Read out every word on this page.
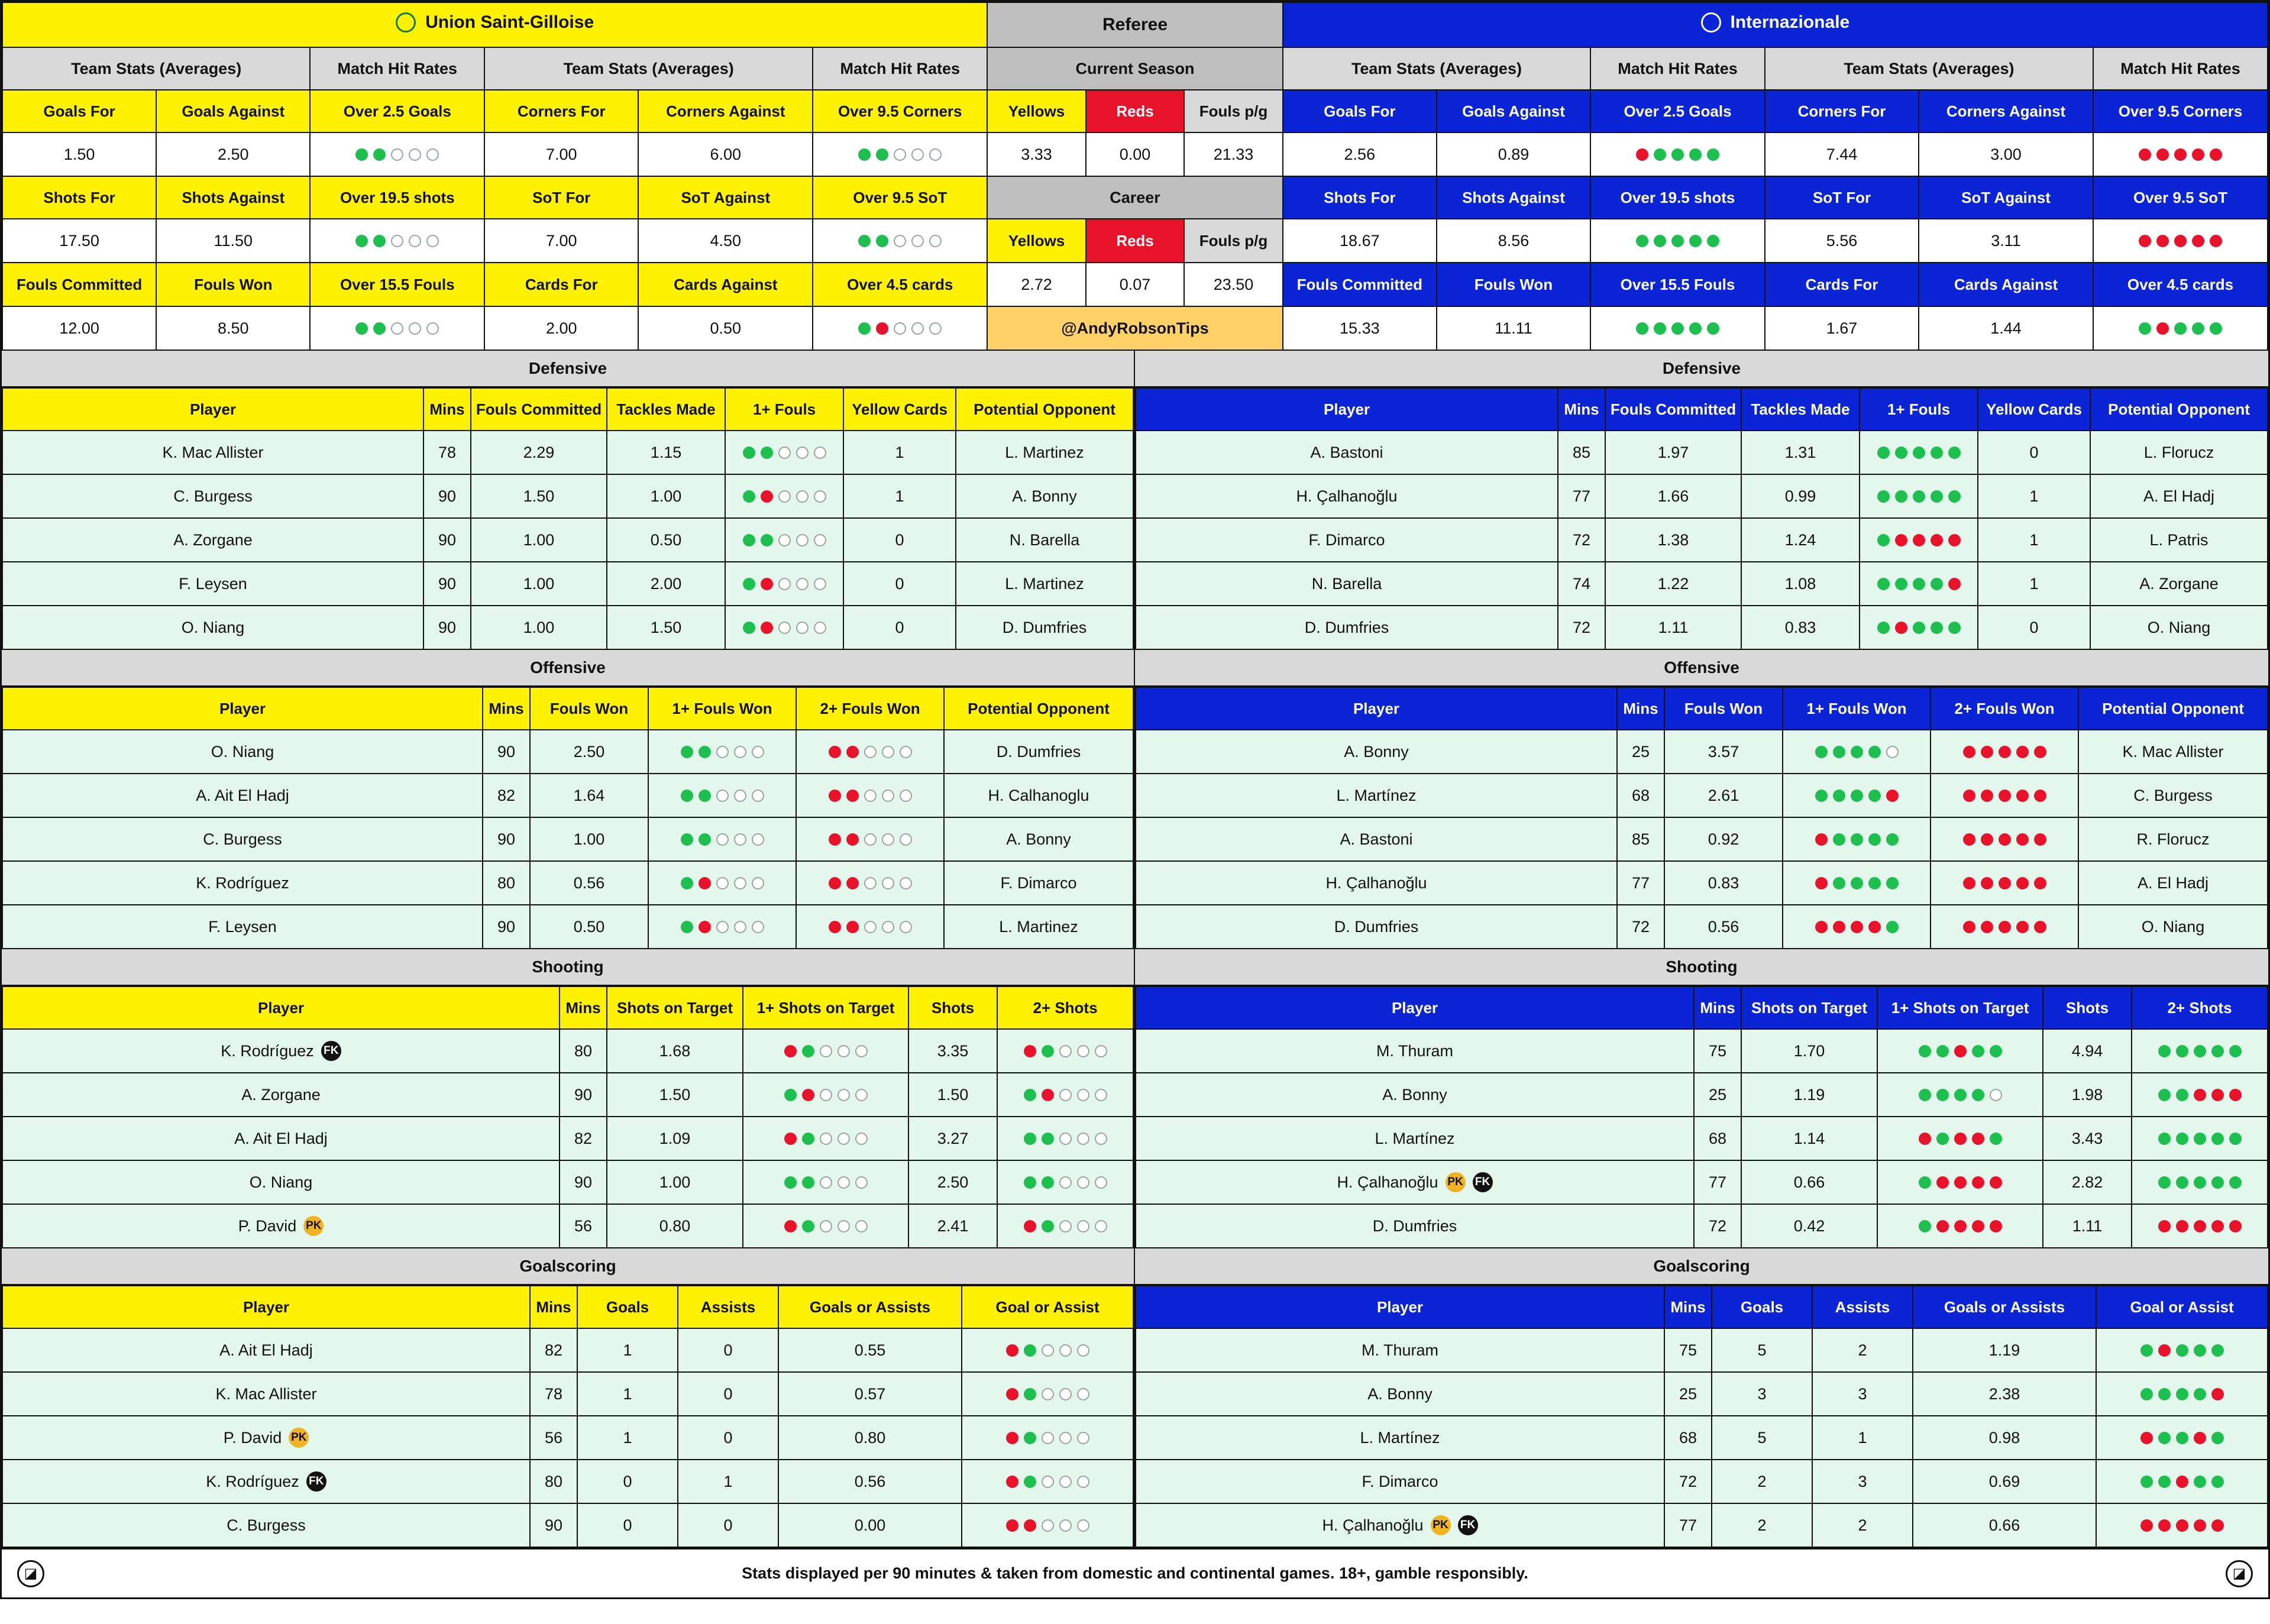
Union Saint-Gilloise						Referee			Internazionale					

Team Stats (Averages)		Match Hit Rates	Team Stats (Averages)		Match Hit Rates	Current Season			Team Stats (Averages)		Match Hit Rates	Team Stats (Averages)		Match Hit Rates
Goals For	Goals Against	Over 2.5 Goals	Corners For	Corners Against	Over 9.5 Corners	Yellows	Reds	Fouls p/g	Goals For	Goals Against	Over 2.5 Goals	Corners For	Corners Against	Over 9.5 Corners
1.50	2.50		7.00	6.00		3.33	0.00	21.33	2.56	0.89		7.44	3.00	

Shots For	Shots Against	Over 19.5 shots	SoT For	SoT Against	Over 9.5 SoT	Career			Shots For	Shots Against	Over 19.5 shots	SoT For	SoT Against	Over 9.5 SoT
17.50	11.50		7.00	4.50		Yellows	Reds	Fouls p/g	18.67	8.56		5.56	3.11	

Fouls Committed	Fouls Won	Over 15.5 Fouls	Cards For	Cards Against	Over 4.5 cards	2.72	0.07	23.50	Fouls Committed	Fouls Won	Over 15.5 Fouls	Cards For	Cards Against	Over 4.5 cards
12.00	8.50		2.00	0.50		@AndyRobsonTips			15.33	11.11		1.67	1.44	
Defensive
Player	Mins	Fouls Committed	Tackles Made	1+ Fouls	Yellow Cards	Potential Opponent
K. Mac Allister	78	2.29	1.15		1	L. Martinez
C. Burgess	90	1.50	1.00		1	A. Bonny
A. Zorgane	90	1.00	0.50		0	N. Barella
F. Leysen	90	1.00	2.00		0	L. Martinez
O. Niang	90	1.00	1.50		0	D. Dumfries
Defensive
Player	Mins	Fouls Committed	Tackles Made	1+ Fouls	Yellow Cards	Potential Opponent
A. Bastoni	85	1.97	1.31		0	L. Florucz
H. Çalhanoğlu	77	1.66	0.99		1	A. El Hadj
F. Dimarco	72	1.38	1.24		1	L. Patris
N. Barella	74	1.22	1.08		1	A. Zorgane
D. Dumfries	72	1.11	0.83		0	O. Niang
Offensive
Player	Mins	Fouls Won	1+ Fouls Won	2+ Fouls Won	Potential Opponent
O. Niang	90	2.50			D. Dumfries
A. Ait El Hadj	82	1.64			H. Calhanoglu
C. Burgess	90	1.00			A. Bonny
K. Rodríguez	80	0.56			F. Dimarco
F. Leysen	90	0.50			L. Martinez
Offensive
Player	Mins	Fouls Won	1+ Fouls Won	2+ Fouls Won	Potential Opponent
A. Bonny	25	3.57			K. Mac Allister
L. Martínez	68	2.61			C. Burgess
A. Bastoni	85	0.92			R. Florucz
H. Çalhanoğlu	77	0.83			A. El Hadj
D. Dumfries	72	0.56			O. Niang
Shooting
Player	Mins	Shots on Target	1+ Shots on Target	Shots	2+ Shots
K. Rodríguez FK	80	1.68		3.35	

A. Zorgane	90	1.50		1.50	

A. Ait El Hadj	82	1.09		3.27	

O. Niang	90	1.00		2.50	

P. David PK	56	0.80		2.41	
Shooting
Player	Mins	Shots on Target	1+ Shots on Target	Shots	2+ Shots
M. Thuram	75	1.70		4.94	

A. Bonny	25	1.19		1.98	

L. Martínez	68	1.14		3.43	

H. Çalhanoğlu PK FK	77	0.66		2.82	

D. Dumfries	72	0.42		1.11	
Goalscoring
Player	Mins	Goals	Assists	Goals or Assists	Goal or Assist
A. Ait El Hadj	82	1	0	0.55	

K. Mac Allister	78	1	0	0.57	

P. David PK	56	1	0	0.80	

K. Rodríguez FK	80	0	1	0.56	

C. Burgess	90	0	0	0.00	
Goalscoring
Player	Mins	Goals	Assists	Goals or Assists	Goal or Assist
M. Thuram	75	5	2	1.19	

A. Bonny	25	3	3	2.38	

L. Martínez	68	5	1	0.98	

F. Dimarco	72	2	3	0.69	

H. Çalhanoğlu PK FK	77	2	2	0.66	
◪	Stats displayed per 90 minutes & taken from domestic and continental games. 18+, gamble responsibly.	◪
